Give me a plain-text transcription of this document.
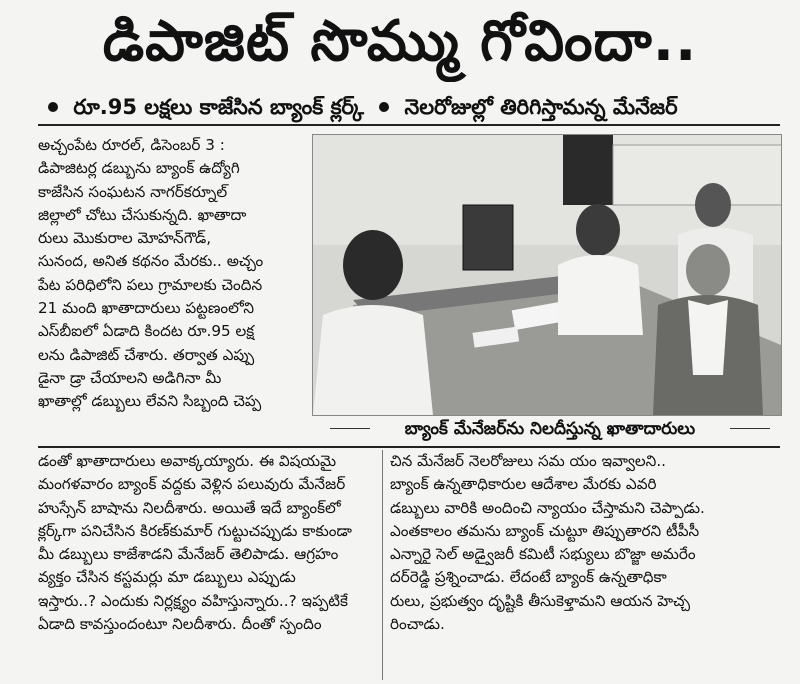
డిపాజిట్ సొమ్ము గోవిందా..
రూ.95 లక్షలు కాజేసిన బ్యాంక్ క్లర్క్ నెలరోజుల్లో తిరిగిస్తామన్న మేనేజర్
అచ్చంపేట రూరల్, డిసెంబర్ 3 :
డిపాజిటర్ల డబ్బును బ్యాంక్ ఉద్యోగి
కాజేసిన సంఘటన నాగర్‌కర్నూల్
జిల్లాలో చోటు చేసుకున్నది. ఖాతాదా
రులు మొకురాల మోహన్‌గౌడ్,
సునంద, అనిత కథనం మేరకు.. అచ్చం
పేట పరిధిలోని పలు గ్రామాలకు చెందిన
21 మంది ఖాతాదారులు పట్టణంలోని
ఎస్‌బీఐలో ఏడాది కిందట రూ.95 లక్ష
లను డిపాజిట్ చేశారు. తర్వాత ఎప్పు
డైనా డ్రా చేయాలని అడిగినా మీ
ఖాతాల్లో డబ్బులు లేవని సిబ్బంది చెప్ప
బ్యాంక్ మేనేజర్‌ను నిలదీస్తున్న ఖాతాదారులు
డంతో ఖాతాదారులు అవాక్కయ్యారు. ఈ విషయమై
మంగళవారం బ్యాంక్ వద్దకు వెళ్లిన పలువురు మేనేజర్
హుస్సేన్ బాషాను నిలదీశారు. అయితే ఇదే బ్యాంక్‌లో
క్లర్క్‌గా పనిచేసిన కిరణ్‌కుమార్ గుట్టుచప్పుడు కాకుండా
మీ డబ్బులు కాజేశాడని మేనేజర్ తెలిపాడు. ఆగ్రహం
వ్యక్తం చేసిన కస్టమర్లు మా డబ్బులు ఎప్పుడు
ఇస్తారు..? ఎందుకు నిర్లక్ష్యం వహిస్తున్నారు..? ఇప్పటికే
ఏడాది కావస్తుందంటూ నిలదీశారు. దీంతో స్పందిం
చిన మేనేజర్ నెలరోజులు సమ యం ఇవ్వాలని..
బ్యాంక్ ఉన్నతాధికారుల ఆదేశాల మేరకు ఎవరి
డబ్బులు వారికి అందించి న్యాయం చేస్తామని చెప్పాడు.
ఎంతకాలం తమను బ్యాంక్ చుట్టూ తిప్పుతారని టీపీసీ
ఎన్నారై సెల్ అడ్వైజరీ కమిటీ సభ్యులు బొజ్జా అమరేం
దర్‌రెడ్డి ప్రశ్నించాడు. లేదంటే బ్యాంక్ ఉన్నతాధికా
రులు, ప్రభుత్వం దృష్టికి తీసుకెళ్తామని ఆయన హెచ్చ
రించాడు.
